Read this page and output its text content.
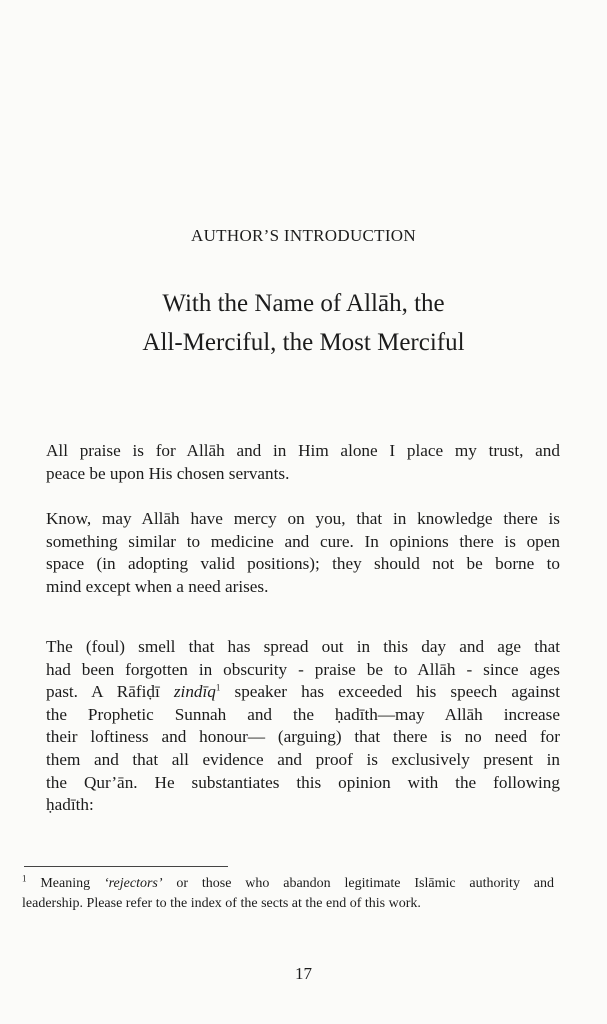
AUTHOR’S INTRODUCTION
With the Name of Allāh, the
All-Merciful, the Most Merciful
All praise is for Allāh and in Him alone I place my trust, and
peace be upon His chosen servants.
Know, may Allāh have mercy on you, that in knowledge there is
something similar to medicine and cure. In opinions there is open
space (in adopting valid positions); they should not be borne to
mind except when a need arises.
The (foul) smell that has spread out in this day and age that
had been forgotten in obscurity - praise be to Allāh - since ages
past. A Rāfiḍī zindīq$^1$ speaker has exceeded his speech against
the Prophetic Sunnah and the ḥadīth—may Allāh increase
their loftiness and honour— (arguing) that there is no need for
them and that all evidence and proof is exclusively present in
the Qur’ān. He substantiates this opinion with the following
ḥadīth:
$^1$ Meaning ‘rejectors’ or those who abandon legitimate Islāmic authority and
leadership. Please refer to the index of the sects at the end of this work.
17
